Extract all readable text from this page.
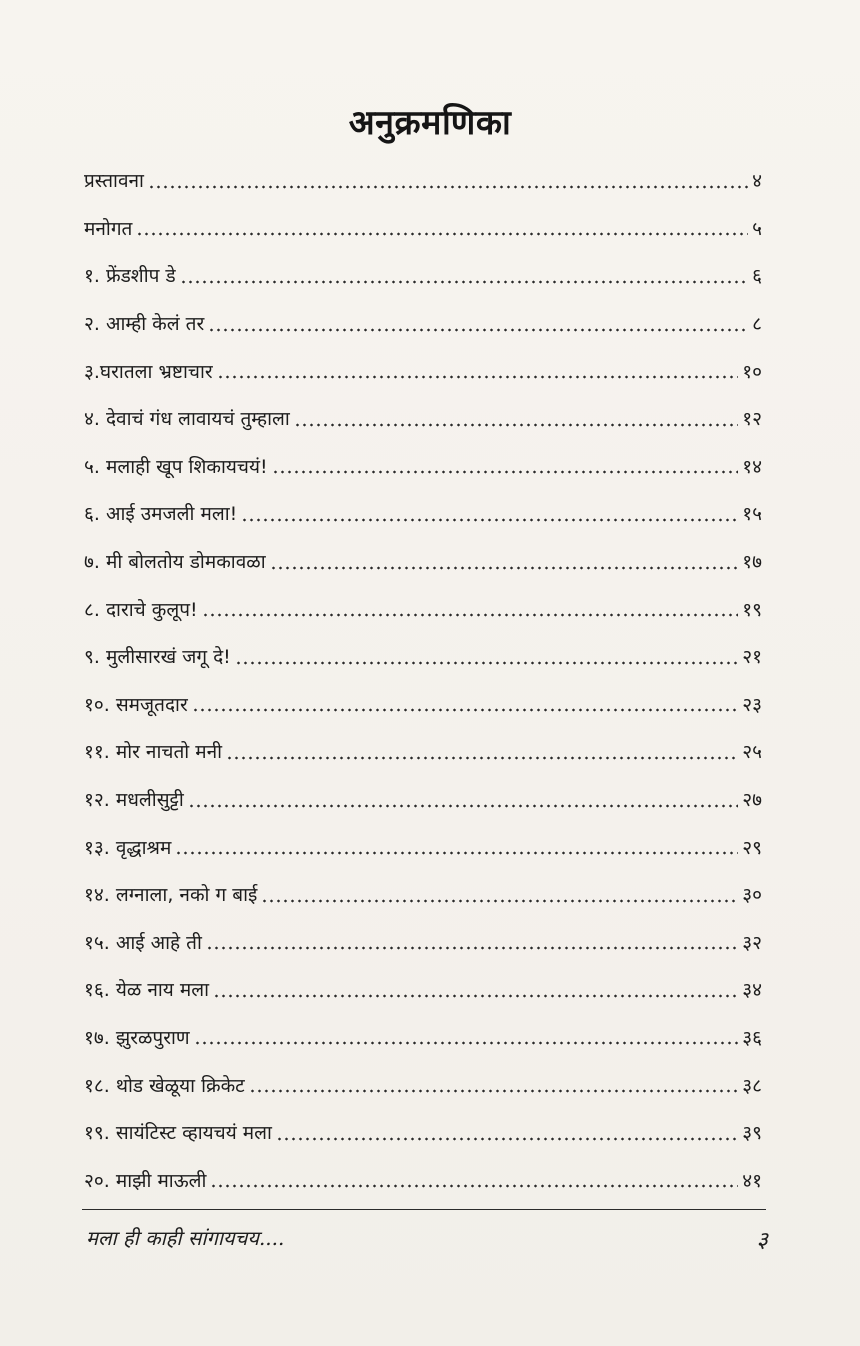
अनुक्रमणिका
प्रस्तावना	४
मनोगत	५
१. फ्रेंडशीप डे	६
२. आम्ही केलं तर	८
३.घरातला भ्रष्टाचार	१०
४. देवाचं गंध लावायचं तुम्हाला	१२
५. मलाही खूप शिकायचयं!	१४
६. आई उमजली मला!	१५
७. मी बोलतोय डोमकावळा	१७
८. दाराचे कुलूप!	१९
९. मुलीसारखं जगू दे!	२१
१०. समजूतदार	२३
११. मोर नाचतो मनी	२५
१२. मधलीसुट्टी	२७
१३. वृद्धाश्रम	२९
१४. लग्नाला, नको ग बाई	३०
१५. आई आहे ती	३२
१६. येळ नाय मला	३४
१७. झुरळपुराण	३६
१८. थोड खेळूया क्रिकेट	३८
१९. सायंटिस्ट व्हायचयं मला	३९
२०. माझी माऊली	४१
मला ही काही सांगायचय....	३
